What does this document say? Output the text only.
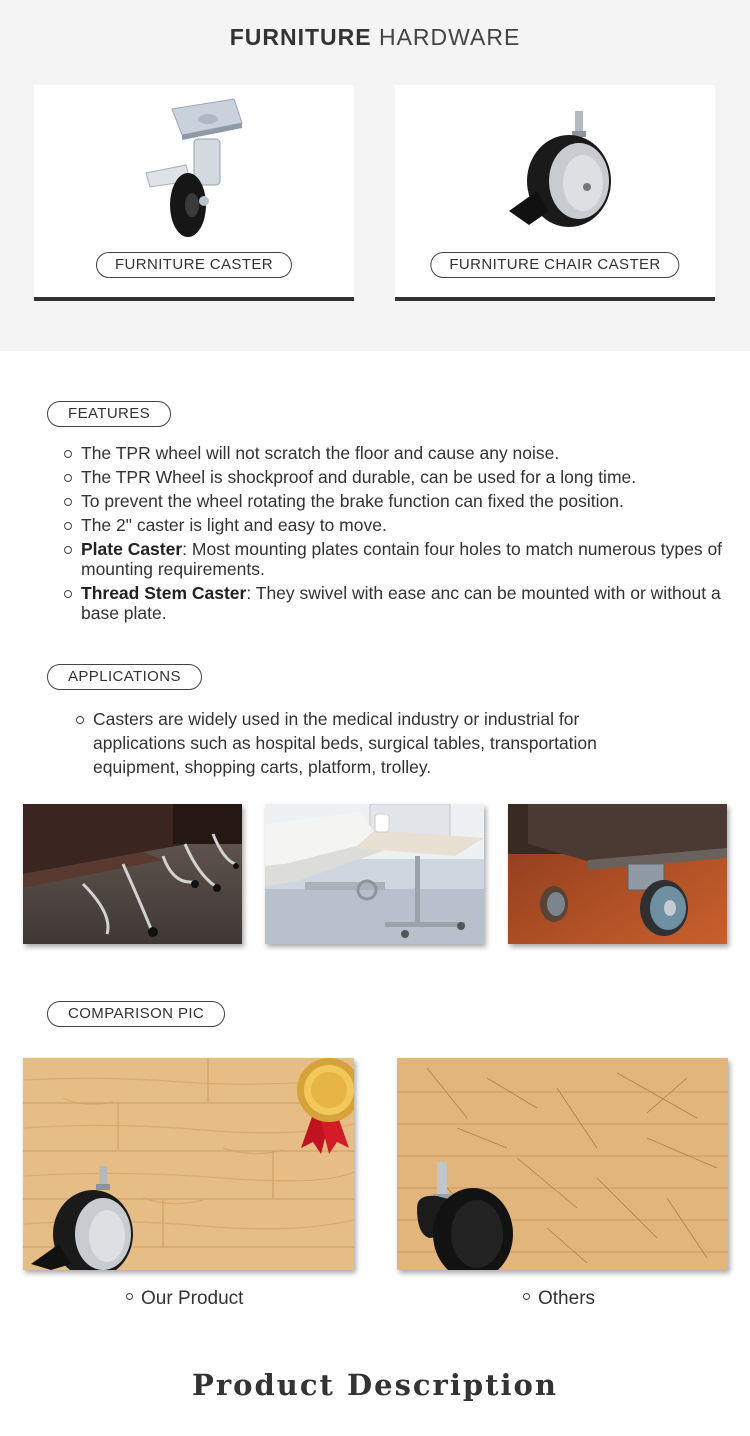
FURNITURE HARDWARE
FURNITURE CASTER	FURNITURE CHAIR CASTER
FEATURES
The TPR wheel will not scratch the floor and cause any noise.
The TPR Wheel is shockproof and durable, can be used for a long time.
To prevent the wheel rotating the brake function can fixed the position.
The 2" caster is light and easy to move.
Plate Caster: Most mounting plates contain four holes to match numerous types of mounting requirements.
Thread Stem Caster: They swivel with ease anc can be mounted with or without a base plate.
APPLICATIONS
Casters are widely used in the medical industry or industrial for applications such as hospital beds, surgical tables, transportation equipment, shopping carts, platform, trolley.
COMPARISON PIC
Our Product	Others
Product Description
